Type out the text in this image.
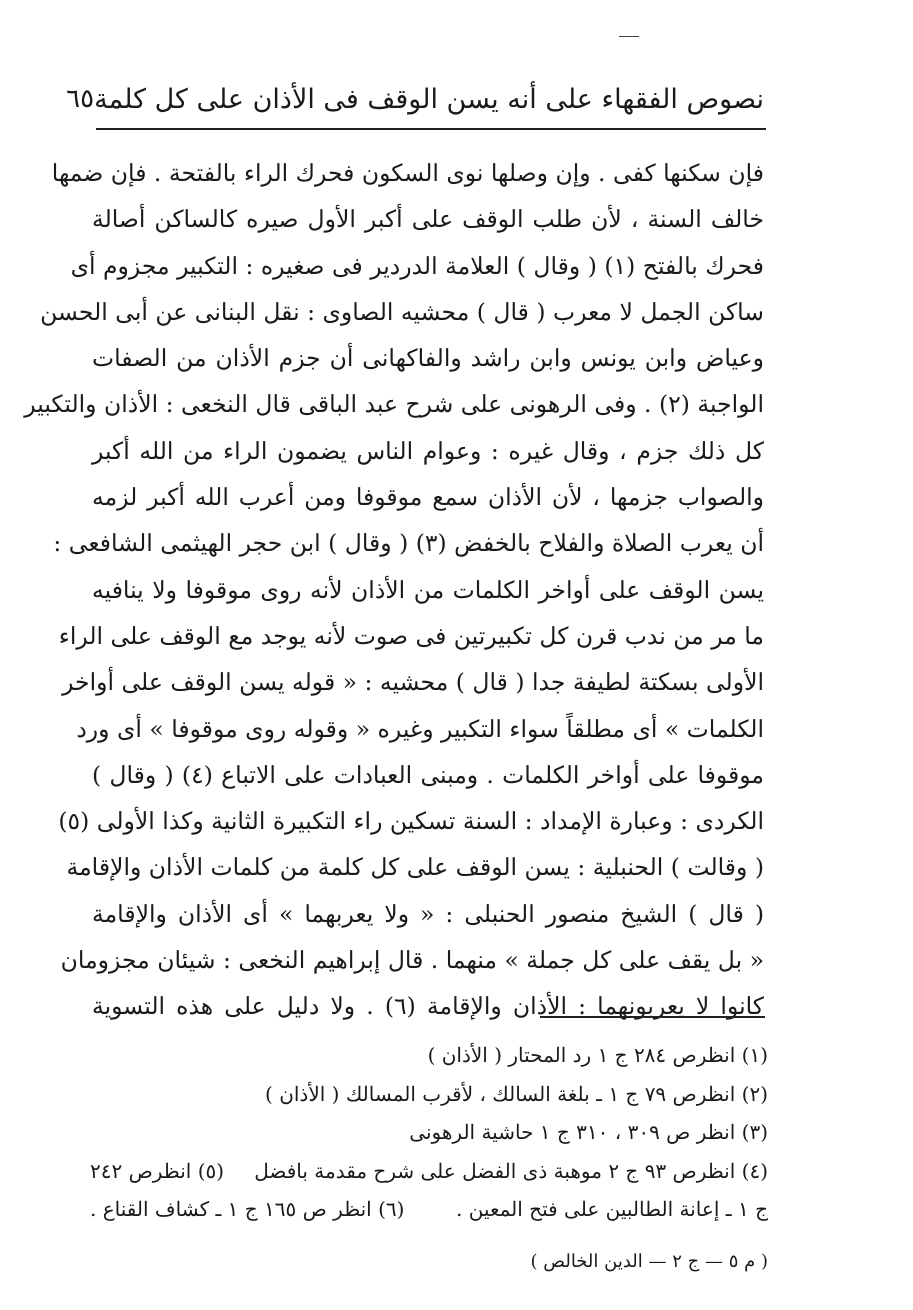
نصوص الفقهاء على أنه يسن الوقف فى الأذان على كل كلمة
٦٥
فإن سكنها كفى . وإن وصلها نوى السكون فحرك الراء بالفتحة . فإن ضمها
خالف السنة ، لأن طلب الوقف على أكبر الأول صيره كالساكن أصالة
فحرك بالفتح (١) ( وقال ) العلامة الدردير فى صغيره : التكبير مجزوم أى
ساكن الجمل لا معرب ( قال ) محشيه الصاوى : نقل البنانى عن أبى الحسن
وعياض وابن يونس وابن راشد والفاكهانى أن جزم الأذان من الصفات
الواجبة (٢) . وفى الرهونى على شرح عبد الباقى قال النخعى : الأذان والتكبير
كل ذلك جزم ، وقال غيره : وعوام الناس يضمون الراء من الله أكبر
والصواب جزمها ، لأن الأذان سمع موقوفا ومن أعرب الله أكبر لزمه
أن يعرب الصلاة والفلاح بالخفض (٣) ( وقال ) ابن حجر الهيثمى الشافعى :
يسن الوقف على أواخر الكلمات من الأذان لأنه روى موقوفا ولا ينافيه
ما مر من ندب قرن كل تكبيرتين فى صوت لأنه يوجد مع الوقف على الراء
الأولى بسكتة لطيفة جدا ( قال ) محشيه : « قوله يسن الوقف على أواخر
الكلمات » أى مطلقاً سواء التكبير وغيره « وقوله روى موقوفا » أى ورد
موقوفا على أواخر الكلمات . ومبنى العبادات على الاتباع (٤) ( وقال )
الكردى : وعبارة الإمداد : السنة تسكين راء التكبيرة الثانية وكذا الأولى (٥)
( وقالت ) الحنبلية : يسن الوقف على كل كلمة من كلمات الأذان والإقامة
( قال ) الشيخ منصور الحنبلى : « ولا يعربهما » أى الأذان والإقامة
« بل يقف على كل جملة » منهما . قال إبراهيم النخعى : شيئان مجزومان
كانوا لا يعربونهما : الأذان والإقامة (٦) . ولا دليل على هذه التسوية
(١) انظرص ٢٨٤ ج ١ رد المحتار ( الأذان )
(٢) انظرص ٧٩ ج ١ ـ بلغة السالك ، لأقرب المسالك ( الأذان )
(٣) انظر ص ٣٠٩ ، ٣١٠ ج ١ حاشية الرهونى
(٤) انظرص ٩٣ ج ٢ موهبة ذى الفضل على شرح مقدمة بافضل
(٥) انظرص ٢٤٢
ج ١ ـ إعانة الطالبين على فتح المعين .
(٦) انظر ص ١٦٥ ج ١ ـ كشاف القناع .
( م ٥ — ج ٢ — الدين الخالص )
